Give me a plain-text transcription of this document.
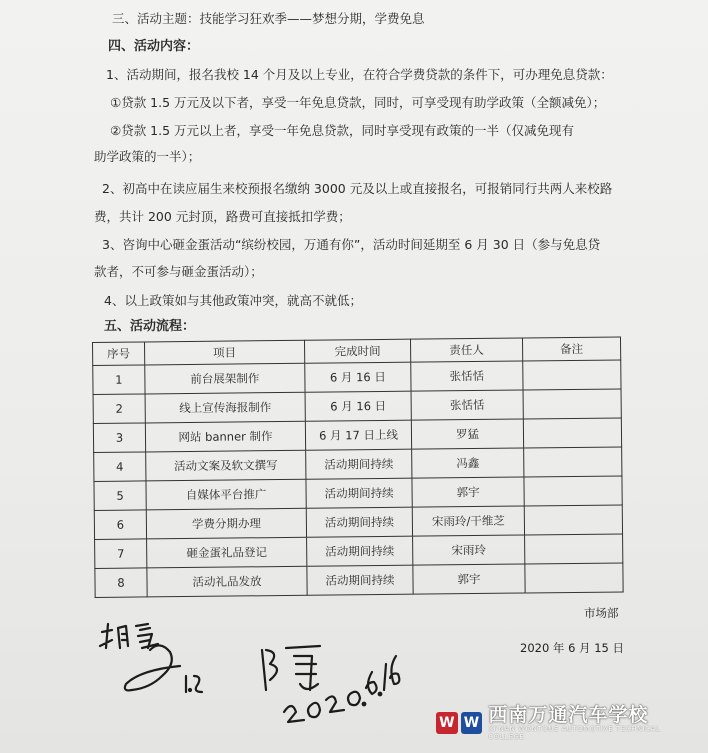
三、活动主题：技能学习狂欢季——梦想分期，学费免息
四、活动内容：
1、活动期间，报名我校 14 个月及以上专业，在符合学费贷款的条件下，可办理免息贷款：
①贷款 1.5 万元及以下者，享受一年免息贷款，同时，可享受现有助学政策（全额减免）；
②贷款 1.5 万元以上者，享受一年免息贷款，同时享受现有政策的一半（仅减免现有
助学政策的一半）；
2、初高中在读应届生来校预报名缴纳 3000 元及以上或直接报名，可报销同行共两人来校路
费，共计 200 元封顶，路费可直接抵扣学费；
3、咨询中心砸金蛋活动“缤纷校园，万通有你”，活动时间延期至 6 月 30 日（参与免息贷
款者，不可参与砸金蛋活动）；
4、以上政策如与其他政策冲突，就高不就低；
五、活动流程：
序号	项目	完成时间	责任人	备注
1	前台展架制作	6 月 16 日	张恬恬	
2	线上宣传海报制作	6 月 16 日	张恬恬	
3	网站 banner 制作	6 月 17 日上线	罗猛	
4	活动文案及软文撰写	活动期间持续	冯鑫	
5	自媒体平台推广	活动期间持续	郭宇	
6	学费分期办理	活动期间持续	宋雨玲/干维芝	
7	砸金蛋礼品登记	活动期间持续	宋雨玲	
8	活动礼品发放	活动期间持续	郭宇	
市场部
2020 年 6 月 15 日
W W 西南万通汽车学校
XI'NAN WONTONE AUTOMOTIVE TECHNICAL COLLEGE
